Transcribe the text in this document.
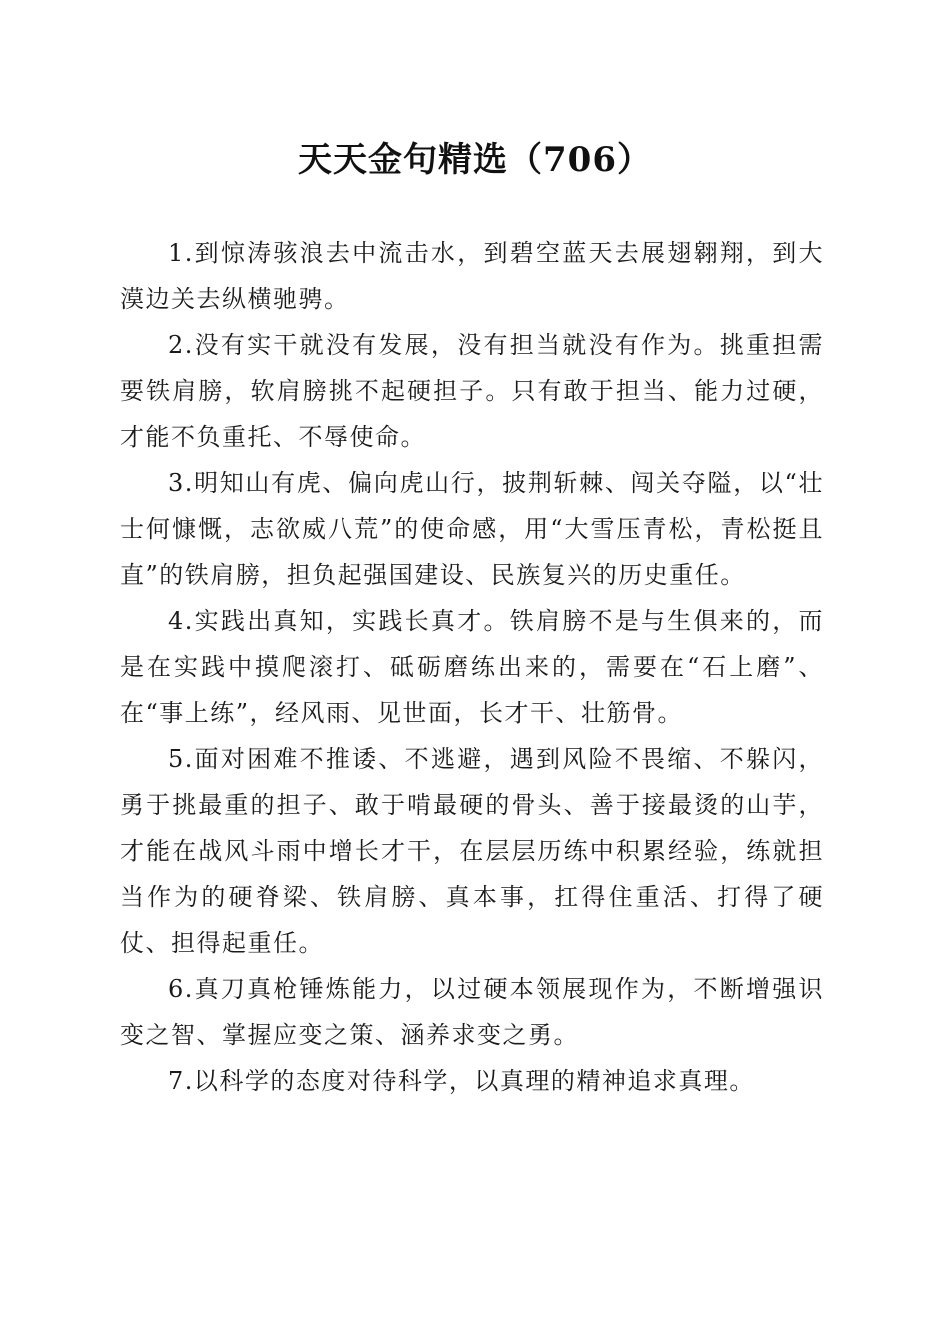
天天金句精选（706）

1.到惊涛骇浪去中流击水，到碧空蓝天去展翅翱翔，到大漠边关去纵横驰骋。

2.没有实干就没有发展，没有担当就没有作为。挑重担需要铁肩膀，软肩膀挑不起硬担子。只有敢于担当、能力过硬，才能不负重托、不辱使命。

3.明知山有虎、偏向虎山行，披荆斩棘、闯关夺隘，以“壮士何慷慨，志欲威八荒”的使命感，用“大雪压青松，青松挺且直”的铁肩膀，担负起强国建设、民族复兴的历史重任。

4.实践出真知，实践长真才。铁肩膀不是与生俱来的，而是在实践中摸爬滚打、砥砺磨练出来的，需要在“石上磨”、在“事上练”，经风雨、见世面，长才干、壮筋骨。

5.面对困难不推诿、不逃避，遇到风险不畏缩、不躲闪，勇于挑最重的担子、敢于啃最硬的骨头、善于接最烫的山芋，才能在战风斗雨中增长才干，在层层历练中积累经验，练就担当作为的硬脊梁、铁肩膀、真本事，扛得住重活、打得了硬仗、担得起重任。

6.真刀真枪锤炼能力，以过硬本领展现作为，不断增强识变之智、掌握应变之策、涵养求变之勇。

7.以科学的态度对待科学，以真理的精神追求真理。
